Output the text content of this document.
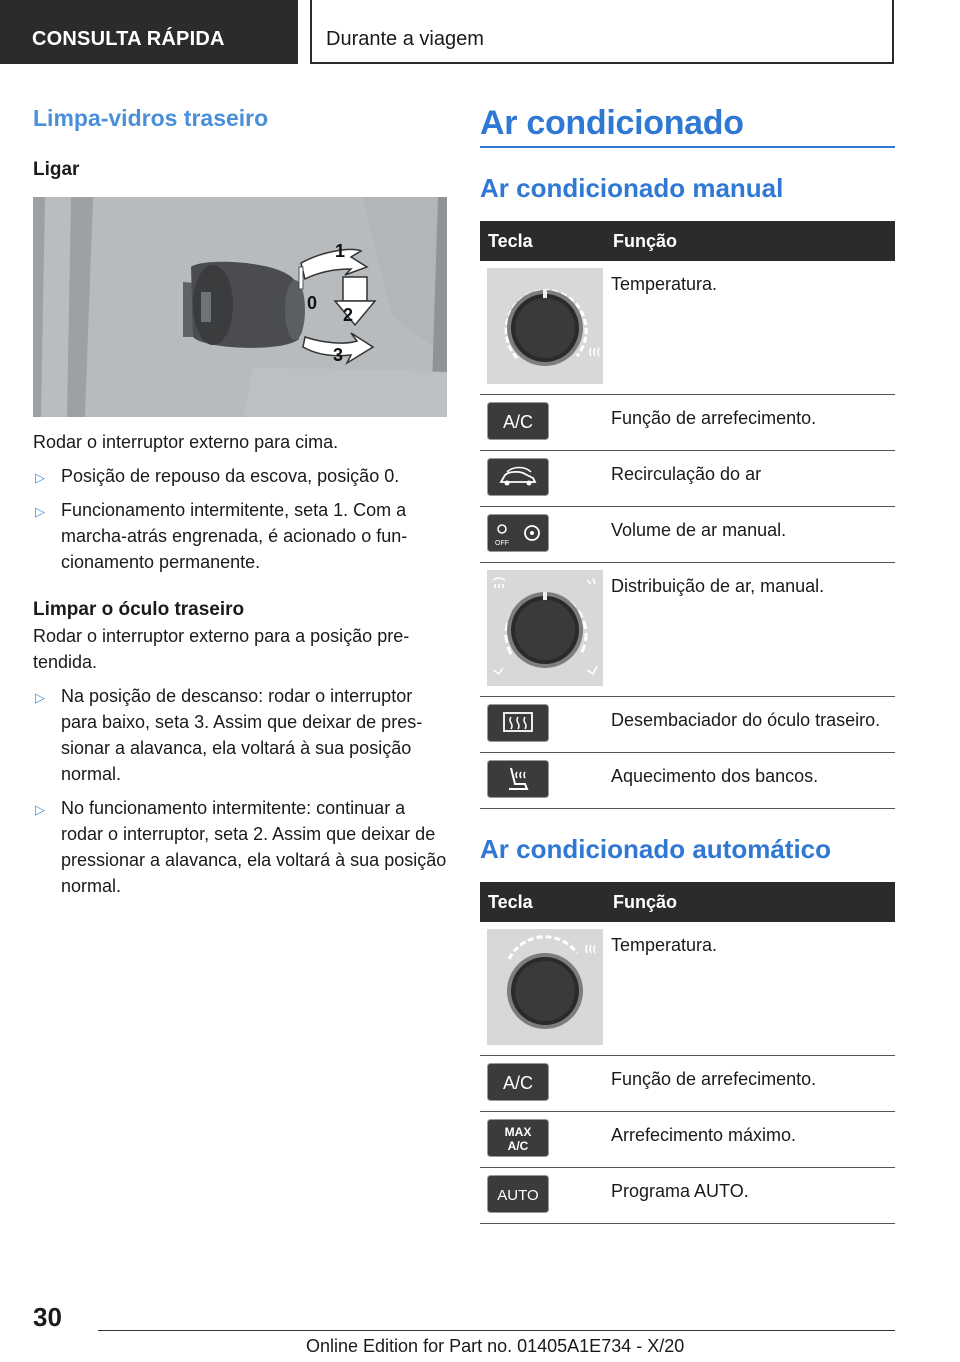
CONSULTA RÁPIDA	Durante a viagem
Limpa-vidros traseiro
Ligar
1
0
2
3

Rodar o interruptor externo para cima.

▷ Posição de repouso da escova, posição 0.
▷ Funcionamento intermitente, seta 1. Com a marcha-atrás engrenada, é acionado o funcionamento permanente.
Limpar o óculo traseiro

Rodar o interruptor externo para a posição pretendida.

▷ Na posição de descanso: rodar o interruptor para baixo, seta 3. Assim que deixar de pressionar a alavanca, ela voltará à sua posição normal.
▷ No funcionamento intermitente: continuar a rodar o interruptor, seta 2. Assim que deixar de pressionar a alavanca, ela voltará à sua posição normal.
Ar condicionado
Ar condicionado manual
Tecla	Função

	Temperatura.

A/C	Função de arrefecimento.

	Recirculação do ar

OFF	Volume de ar manual.

	Distribuição de ar, manual.

	Desembaciador do óculo traseiro.

	Aquecimento dos bancos.
Ar condicionado automático
Tecla	Função

	Temperatura.

A/C	Função de arrefecimento.

MAX
A/C	Arrefecimento máximo.

AUTO	Programa AUTO.
30
Online Edition for Part no. 01405A1E734 - X/20
